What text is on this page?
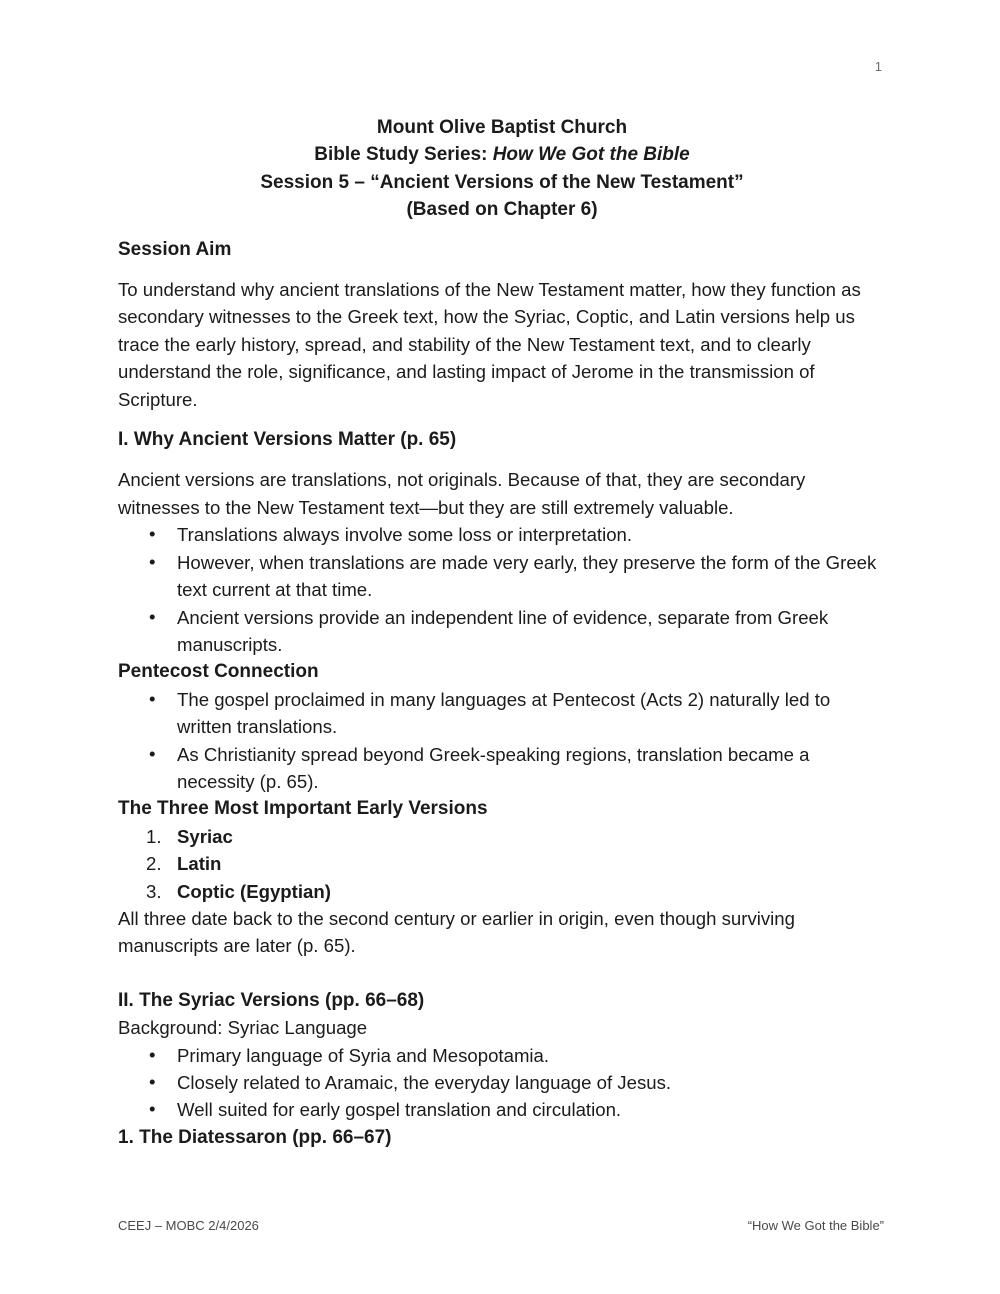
1
Mount Olive Baptist Church
Bible Study Series: How We Got the Bible
Session 5 – “Ancient Versions of the New Testament”
(Based on Chapter 6)
Session Aim

To understand why ancient translations of the New Testament matter, how they function as secondary witnesses to the Greek text, how the Syriac, Coptic, and Latin versions help us trace the early history, spread, and stability of the New Testament text, and to clearly understand the role, significance, and lasting impact of Jerome in the transmission of Scripture.

I. Why Ancient Versions Matter (p. 65)

Ancient versions are translations, not originals. Because of that, they are secondary witnesses to the New Testament text—but they are still extremely valuable.

• Translations always involve some loss or interpretation.
• However, when translations are made very early, they preserve the form of the Greek text current at that time.
• Ancient versions provide an independent line of evidence, separate from Greek manuscripts.
Pentecost Connection
• The gospel proclaimed in many languages at Pentecost (Acts 2) naturally led to written translations.
• As Christianity spread beyond Greek-speaking regions, translation became a necessity (p. 65).
The Three Most Important Early Versions
1. Syriac
2. Latin
3. Coptic (Egyptian)

All three date back to the second century or earlier in origin, even though surviving manuscripts are later (p. 65).

II. The Syriac Versions (pp. 66–68)

Background: Syriac Language

• Primary language of Syria and Mesopotamia.
• Closely related to Aramaic, the everyday language of Jesus.
• Well suited for early gospel translation and circulation.
1. The Diatessaron (pp. 66–67)
CEEJ – MOBC 2/4/2026	“How We Got the Bible”
